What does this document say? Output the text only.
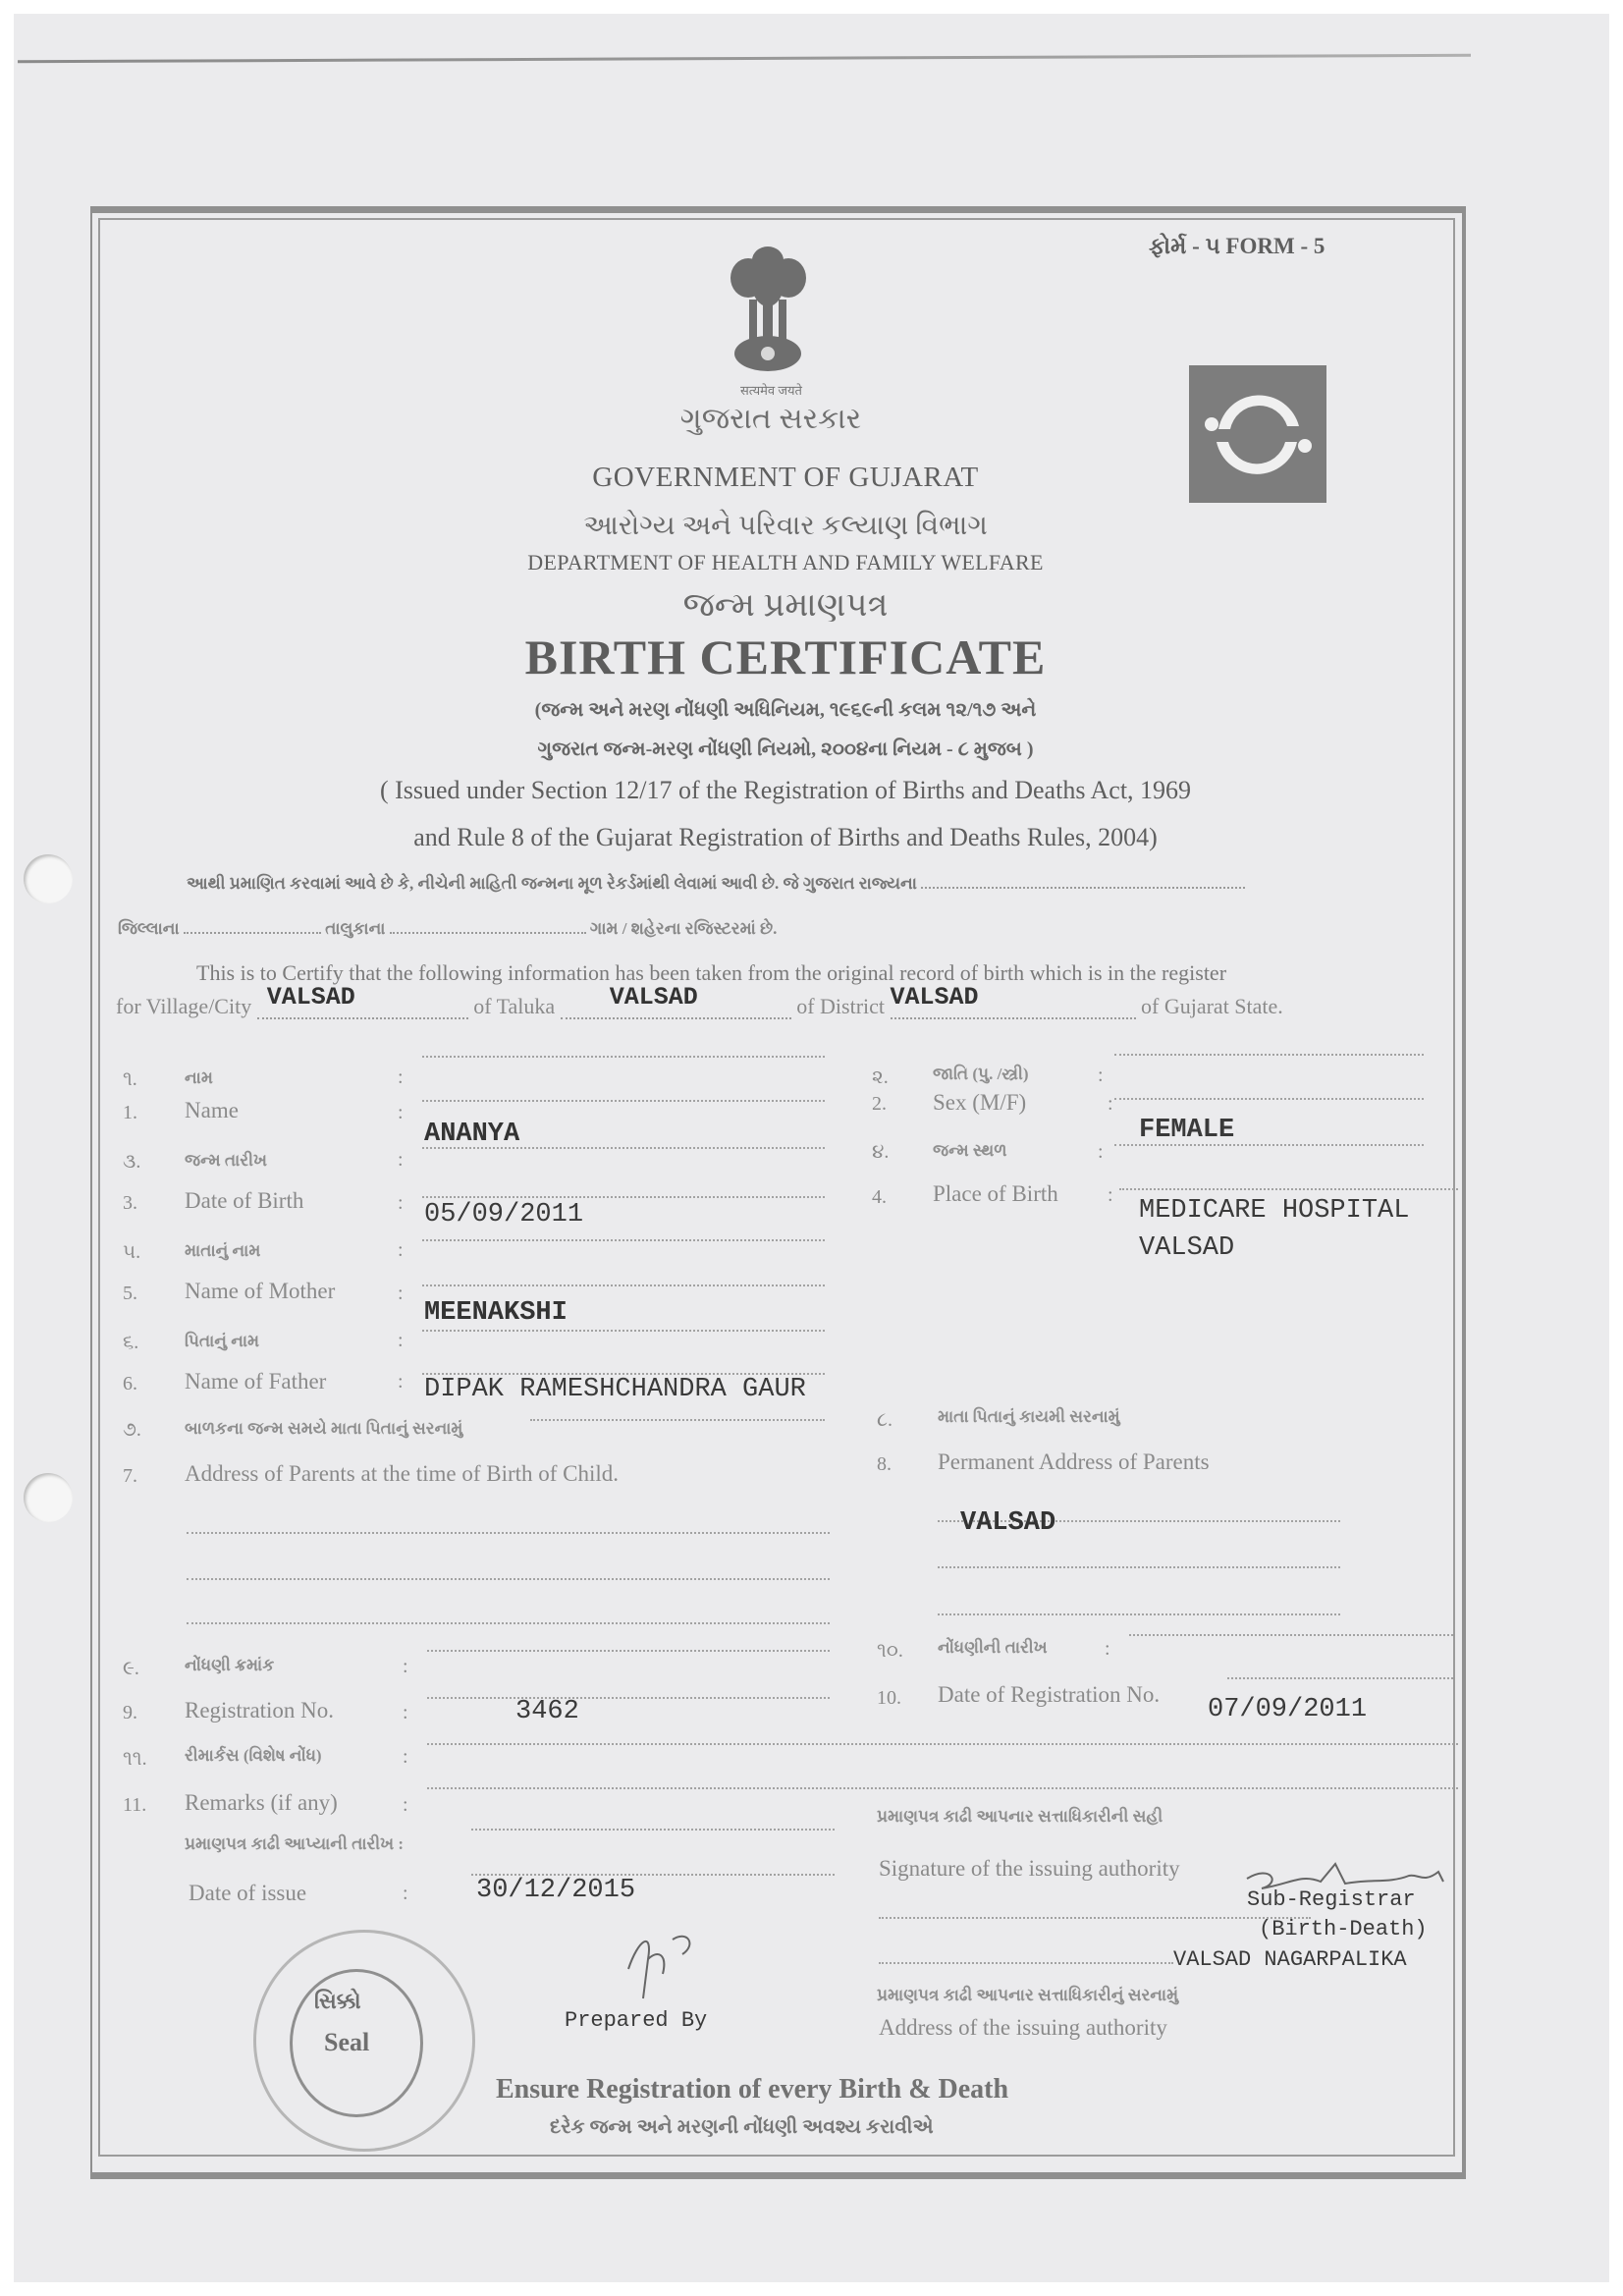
ફોર્મ - ૫ FORM - 5
सत्यमेव जयते
ગુજરાત સરકાર
GOVERNMENT OF GUJARAT
આરોગ્ય અને પરિવાર કલ્યાણ વિભાગ
DEPARTMENT OF HEALTH AND FAMILY WELFARE
જન્મ પ્રમાણપત્ર
BIRTH CERTIFICATE
(જન્મ અને મરણ નોંધણી અધિનિયમ, ૧૯૬૯ની કલમ ૧૨/૧૭ અને
ગુજરાત જન્મ-મરણ નોંધણી નિયમો, ૨૦૦૪ના નિયમ - ૮ મુજબ )
( Issued under Section 12/17 of the Registration of Births and Deaths Act, 1969
and Rule 8 of the Gujarat Registration of Births and Deaths Rules, 2004)
આથી પ્રમાણિત કરવામાં આવે છે કે, નીચેની માહિતી જન્મના મૂળ રેકર્ડમાંથી લેવામાં આવી છે. જે ગુજરાત રાજ્યના
જિલ્લાના	તાલુકાના	ગામ / શહેરના રજિસ્ટરમાં છે.
This is to Certify that the following information has been taken from the original record of birth which is in the register
for Village/City VALSAD	of Taluka VALSAD	of District VALSAD	of Gujarat State.
૧.	નામ	:
1. Name	:
ANANYA
૩.	જન્મ તારીખ	:
3. Date of Birth	: 05/09/2011
૫.	માતાનું નામ	:
5. Name of Mother	:
MEENAKSHI
૬.	પિતાનું નામ	:
6. Name of Father	: DIPAK RAMESHCHANDRA GAUR
૭.	બાળકના જન્મ સમયે માતા પિતાનું સરનામું
7. Address of Parents at the time of Birth of Child.
૯.	નોંધણી ક્રમાંક	:
9. Registration No.	:	3462
૧૧. રીમાર્કસ (વિશેષ નોંધ)	:
11. Remarks (if any)	:
પ્રમાણપત્ર કાઢી આપ્યાની તારીખ :
Date of issue	:	30/12/2015
૨.	જાતિ (પુ. /સ્ત્રી)	:
2. Sex (M/F)	:
FEMALE
૪.	જન્મ સ્થળ	:
4. Place of Birth	:
MEDICARE HOSPITAL
VALSAD
૮.	માતા પિતાનું કાયમી સરનામું
8. Permanent Address of Parents
VALSAD
૧૦. નોંધણીની તારીખ	:
10. Date of Registration No.
07/09/2011
પ્રમાણપત્ર કાઢી આપનાર સત્તાધિકારીની સહી
Signature of the issuing authority
Sub-Registrar
(Birth-Death)
VALSAD NAGARPALIKA
પ્રમાણપત્ર કાઢી આપનાર સત્તાધિકારીનું સરનામું
Address of the issuing authority
સિક્કો
Seal
Prepared By
Ensure Registration of every Birth & Death
દરેક જન્મ અને મરણની નોંધણી અવશ્ય કરાવીએ
